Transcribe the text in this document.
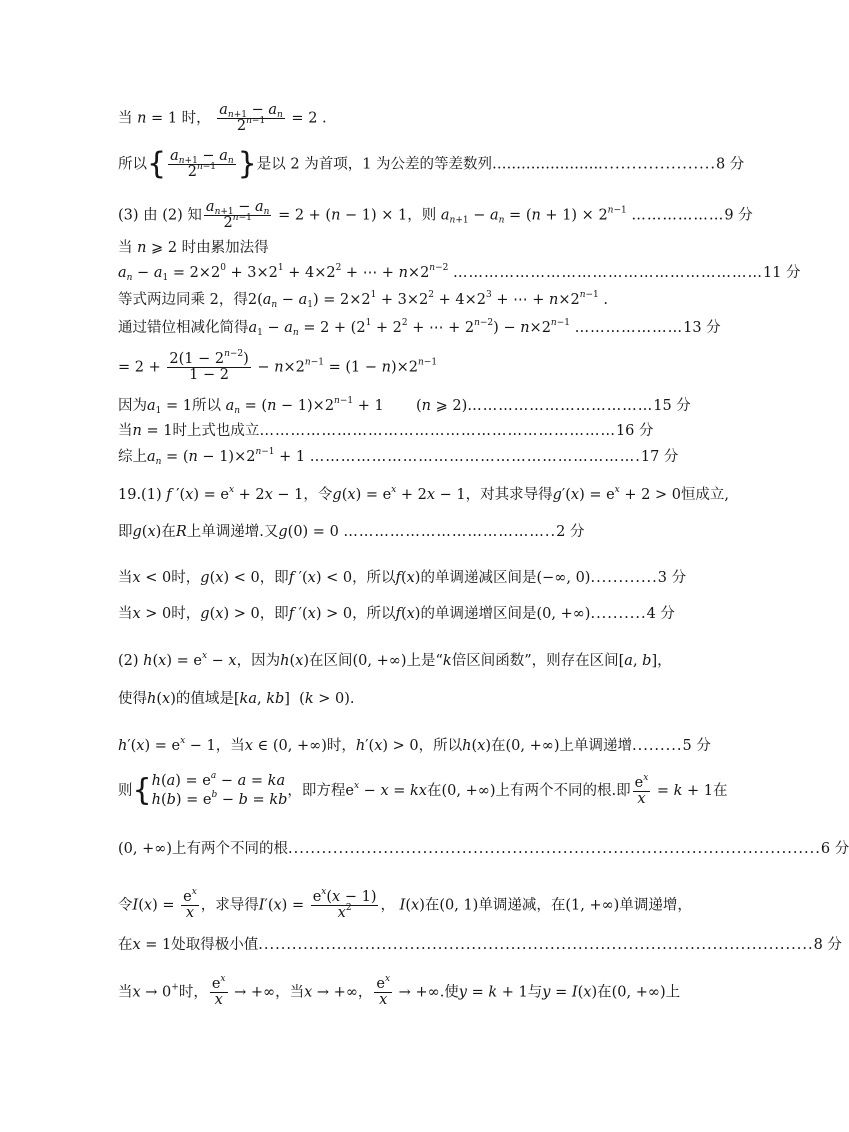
当 n = 1 时， $\frac{a_{n+1} - a_n}{2^{n-1}} = 2$ .
所以{ $\frac{a_{n+1} - a_n}{2^{n-1}}$ }是以 2 为首项，1 为公差的等差数列…………………......................8 分
(3) 由 (2) 知 $\frac{a_{n+1} - a_n}{2^{n-1}} = 2 + (n - 1) \times 1$，则 $a_{n+1} - a_n = (n + 1) \times 2^{n-1}$ ………………9 分
当 n ⩾ 2 时由累加法得
$a_n - a_1 = 2\times 2^0 + 3\times 2^1 + 4\times 2^2$ + ⋯ + $n\times 2^{n-2}$ ……………………………………………………11 分
等式两边同乘 2，得$2(a_n - a_1) = 2\times 2^1 + 3\times 2^2 + 4\times 2^3$ + ⋯ + $n\times 2^{n-1}$ .
通过错位相减化简得$a_1 - a_n = 2 + (2^1 + 2^2$ + ⋯ + $2^{n-2}) - n\times 2^{n-1}$ …………………13 分
= $2 + \frac{2(1 - 2^{n-2})}{1 - 2} - n\times 2^{n-1} = (1 - n)\times 2^{n-1}$
因为$a_1 = 1$所以 $a_n = (n - 1)\times 2^{n-1} + 1$       (n ⩾ 2)………………………………15 分
当n = 1时上式也成立……………………………………………………………16 分
综上$a_n = (n - 1)\times 2^{n-1} + 1$ ……………………………………………………….17 分
19.(1) f $'(x) = e^x + 2x - 1$，令$g(x) = e^x + 2x - 1$，对其求导得$g'(x) = e^x + 2 > 0$恒成立,
即g(x)在R上单调递增.又g(0) = 0 …………………………………..2 分
当x < 0时，g(x) < 0，即f ′(x) < 0，所以f(x)的单调递减区间是(−∞, 0)............3 分
当x > 0时，g(x) > 0，即f ′(x) > 0，所以f(x)的单调递增区间是(0, +∞)..........4 分
(2) $h(x) = e^x - x$，因为h(x)在区间(0, +∞)上是“k倍区间函数”，则存在区间[a, b]，
使得h(x)的值域是[ka, kb]  (k > 0).
$h'(x) = e^x - 1$，当x ∈ (0, +∞)时，h′(x) > 0，所以h(x)在(0, +∞)上单调递增.........5 分
则{ $h(a) = e^a - a$ = ka
$h(b) = e^b - b$ = kb
，即方程$e^x - x$ = kx在(0, +∞)上有两个不同的根.即 $\frac{e^x}{x} = k + 1$在
(0, +∞)上有两个不同的根...............................................................................................6 分
令$I(x) = \frac{e^x}{x}$ ，求导得$I'(x) = \frac{e^x(x - 1)}{x^2}$ ， I(x)在(0, 1)单调递减，在(1, +∞)单调递增，
在x = 1处取得极小值...................................................................................................8 分
当x → 0+时， $\frac{e^x}{x}$ → +∞，当x → +∞， $\frac{e^x}{x}$ → +∞.使y = k + 1与y = I(x)在(0, +∞)上
